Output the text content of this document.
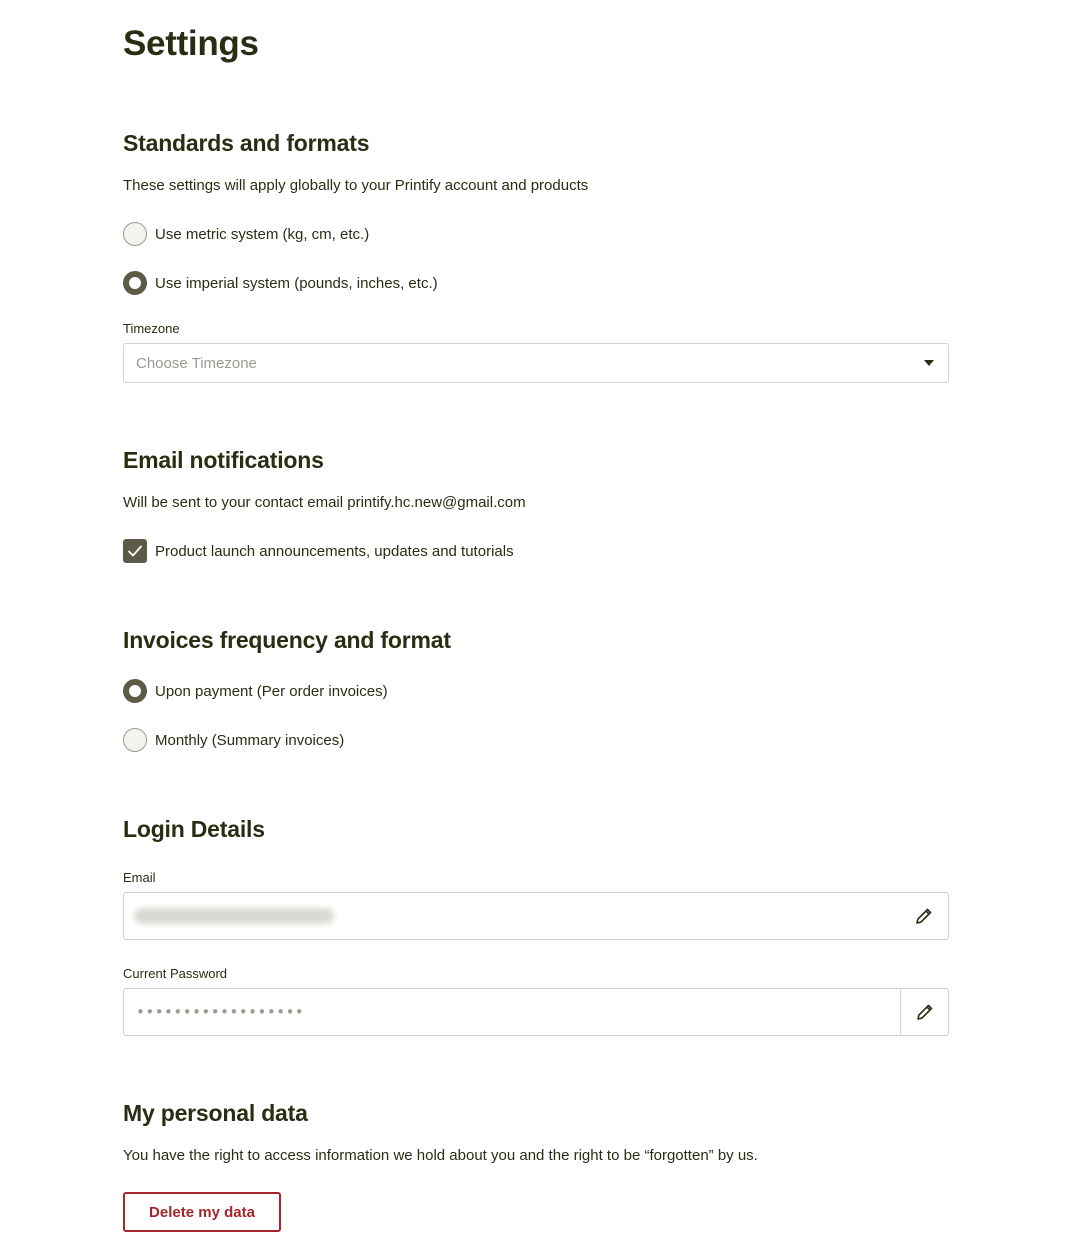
Settings
Standards and formats
These settings will apply globally to your Printify account and products
Use metric system (kg, cm, etc.)
Use imperial system (pounds, inches, etc.)
Timezone
Choose Timezone
Email notifications
Will be sent to your contact email printify.hc.new@gmail.com
Product launch announcements, updates and tutorials
Invoices frequency and format
Upon payment (Per order invoices)
Monthly (Summary invoices)
Login Details
Email
Current Password
••••••••••••••••••
My personal data
You have the right to access information we hold about you and the right to be “forgotten” by us.
Delete my data
